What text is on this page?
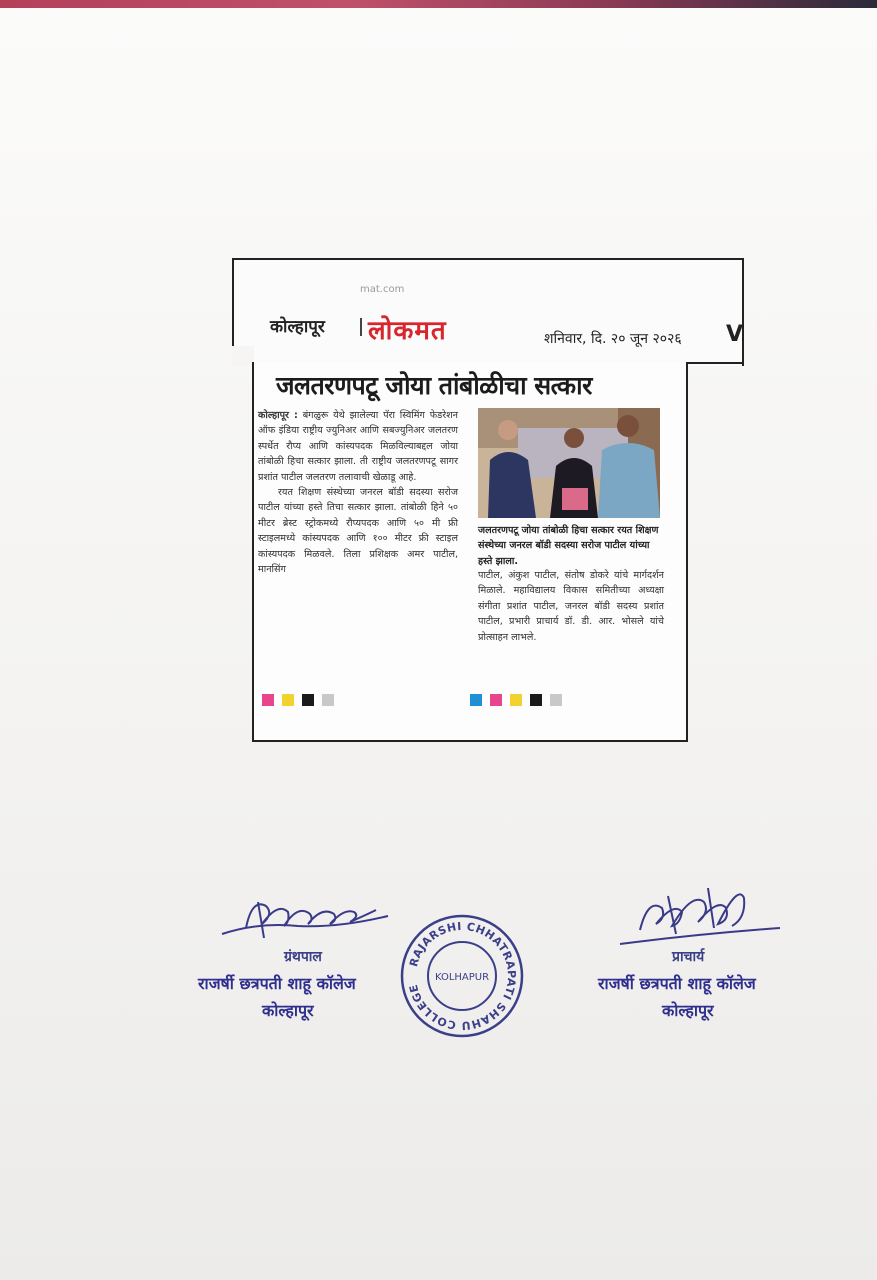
mat.com
कोल्हापूर लोकमत	शनिवार, दि. २० जून २०२६ V
जलतरणपटू जोया तांबोळीचा सत्कार

कोल्हापूर : बंगळुरू येथे झालेल्या पॅरा स्विमिंग फेडरेशन ऑफ इंडिया राष्ट्रीय ज्युनिअर आणि सबज्युनिअर जलतरण स्पर्धेत रौप्य आणि कांस्यपदक मिळविल्याबद्दल जोया तांबोळी हिचा सत्कार झाला. ती राष्ट्रीय जलतरणपटू सागर प्रशांत पाटील जलतरण तलावाची खेळाडू आहे.

रयत शिक्षण संस्थेच्या जनरल बॉडी सदस्या सरोज पाटील यांच्या हस्ते तिचा सत्कार झाला. तांबोळी हिने ५० मीटर ब्रेस्ट स्ट्रोकमध्ये रौप्यपदक आणि ५० मी फ्री स्टाइलमध्ये कांस्यपदक आणि १०० मीटर फ्री स्टाइल कांस्यपदक मिळवले. तिला प्रशिक्षक अमर पाटील, मानसिंग

जलतरणपटू जोया तांबोळी हिचा सत्कार रयत शिक्षण संस्थेच्या जनरल बॉडी सदस्या सरोज पाटील यांच्या हस्ते झाला.
पाटील, अंकुश पाटील, संतोष डोकरे यांचे मार्गदर्शन मिळाले. महाविद्यालय विकास समितीच्या अध्यक्षा संगीता प्रशांत पाटील, जनरल बॉडी सदस्य प्रशांत पाटील, प्रभारी प्राचार्य डॉ. डी. आर. भोसले यांचे प्रोत्साहन लाभले.
ग्रंथपाल
राजर्षी छत्रपती शाहू कॉलेज
कोल्हापूर
RAJARSHI CHHATRAPATI SHAHU COLLEGE
KOLHAPUR
प्राचार्य
राजर्षी छत्रपती शाहू कॉलेज
कोल्हापूर
